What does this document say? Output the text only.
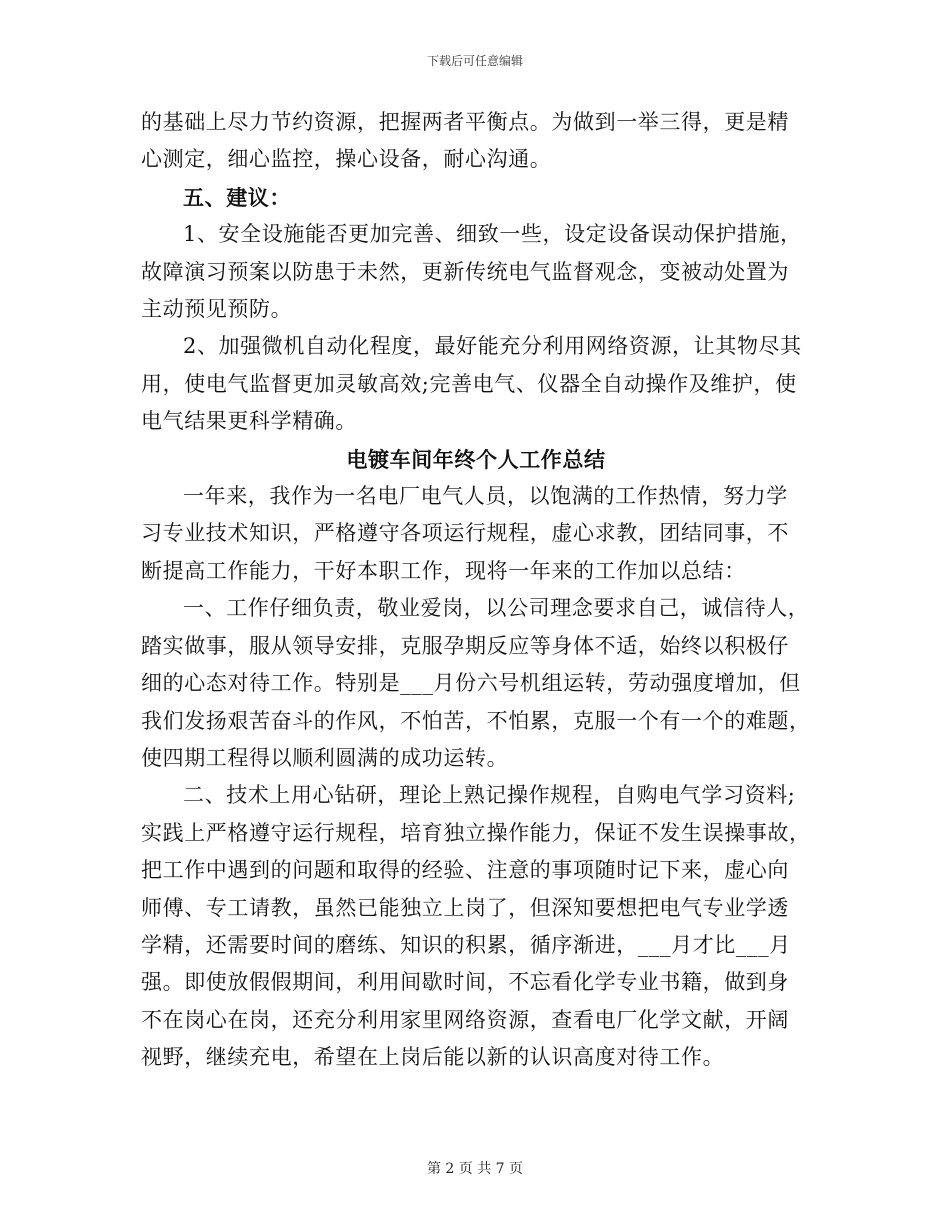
下载后可任意编辑
的基础上尽力节约资源，把握两者平衡点。为做到一举三得，更是精
心测定，细心监控，操心设备，耐心沟通。
五、建议：
1、安全设施能否更加完善、细致一些，设定设备误动保护措施，
故障演习预案以防患于未然，更新传统电气监督观念，变被动处置为
主动预见预防。
2、加强微机自动化程度，最好能充分利用网络资源，让其物尽其
用，使电气监督更加灵敏高效;完善电气、仪器全自动操作及维护，使
电气结果更科学精确。
电镀车间年终个人工作总结
一年来，我作为一名电厂电气人员，以饱满的工作热情，努力学
习专业技术知识，严格遵守各项运行规程，虚心求教，团结同事，不
断提高工作能力，干好本职工作，现将一年来的工作加以总结：
一、工作仔细负责，敬业爱岗，以公司理念要求自己，诚信待人，
踏实做事，服从领导安排，克服孕期反应等身体不适，始终以积极仔
细的心态对待工作。特别是___月份六号机组运转，劳动强度增加，但
我们发扬艰苦奋斗的作风，不怕苦，不怕累，克服一个有一个的难题，
使四期工程得以顺利圆满的成功运转。
二、技术上用心钻研，理论上熟记操作规程，自购电气学习资料;
实践上严格遵守运行规程，培育独立操作能力，保证不发生误操事故，
把工作中遇到的问题和取得的经验、注意的事项随时记下来，虚心向
师傅、专工请教，虽然已能独立上岗了，但深知要想把电气专业学透
学精，还需要时间的磨练、知识的积累，循序渐进，___月才比___月
强。即使放假假期间，利用间歇时间，不忘看化学专业书籍，做到身
不在岗心在岗，还充分利用家里网络资源，查看电厂化学文献，开阔
视野，继续充电，希望在上岗后能以新的认识高度对待工作。
第 2 页 共 7 页
